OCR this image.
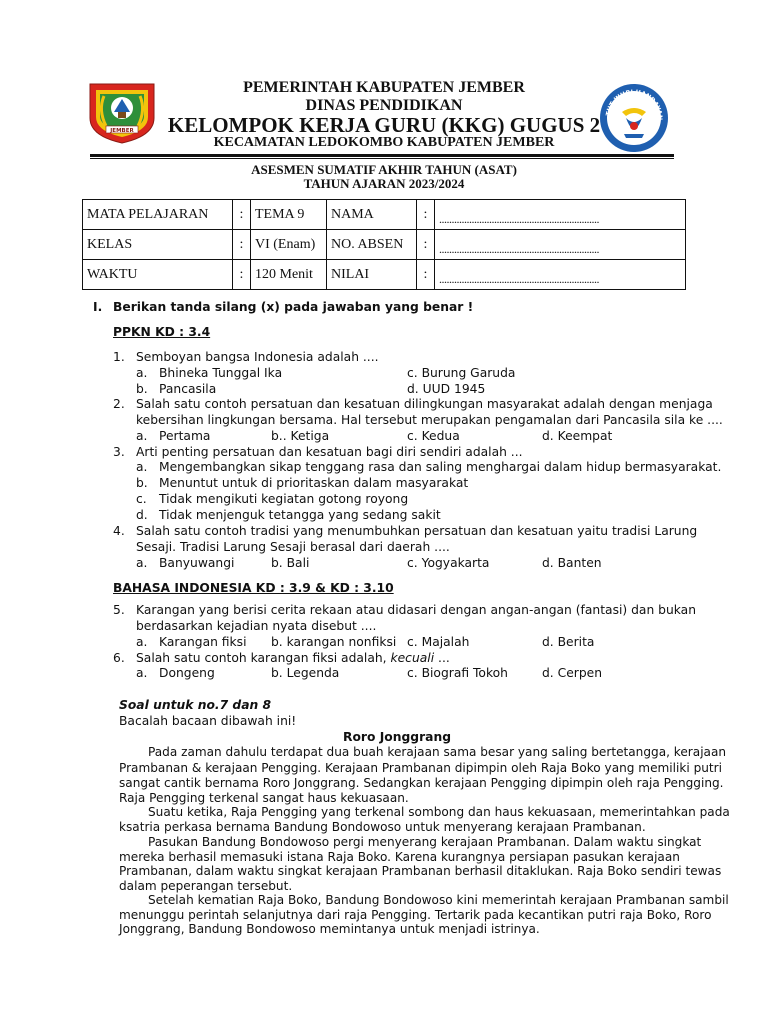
JEMBER
TUT WURI HANDAYAN
PEMERINTAH KABUPATEN JEMBER
DINAS PENDIDIKAN
KELOMPOK KERJA GURU (KKG) GUGUS 2
KECAMATAN LEDOKOMBO KABUPATEN JEMBER
ASESMEN SUMATIF AKHIR TAHUN (ASAT)
TAHUN AJARAN 2023/2024
MATA PELAJARAN	:	TEMA 9	NAMA	:	................................................................
KELAS	:	VI (Enam)	NO. ABSEN	:	................................................................
WAKTU	:	120 Menit	NILAI	:	................................................................
I. Berikan tanda silang (x) pada jawaban yang benar !
PPKN KD : 3.4
1. Semboyan bangsa Indonesia adalah ....
a. Bhineka Tunggal Ika	c. Burung Garuda
b. Pancasila	d. UUD 1945
2. Salah satu contoh persatuan dan kesatuan dilingkungan masyarakat adalah dengan menjaga
kebersihan lingkungan bersama. Hal tersebut merupakan pengamalan dari Pancasila sila ke ....
a. Pertama	b.. Ketiga	c. Kedua	d. Keempat
3. Arti penting persatuan dan kesatuan bagi diri sendiri adalah ...
a. Mengembangkan sikap tenggang rasa dan saling menghargai dalam hidup bermasyarakat.
b. Menuntut untuk di prioritaskan dalam masyarakat
c. Tidak mengikuti kegiatan gotong royong
d. Tidak menjenguk tetangga yang sedang sakit
4. Salah satu contoh tradisi yang menumbuhkan persatuan dan kesatuan yaitu tradisi Larung
Sesaji. Tradisi Larung Sesaji berasal dari daerah ....
a. Banyuwangi	b. Bali	c. Yogyakarta	d. Banten
BAHASA INDONESIA KD : 3.9 & KD : 3.10
5. Karangan yang berisi cerita rekaan atau didasari dengan angan-angan (fantasi) dan bukan
berdasarkan kejadian nyata disebut ....
a. Karangan fiksi b. karangan nonfiksi c. Majalah	d. Berita
6. Salah satu contoh karangan fiksi adalah, kecuali ...
a. Dongeng	b. Legenda	c. Biografi Tokoh	d. Cerpen
Soal untuk no.7 dan 8
Bacalah bacaan dibawah ini!
Roro Jonggrang
Pada zaman dahulu terdapat dua buah kerajaan sama besar yang saling bertetangga, kerajaan
Prambanan & kerajaan Pengging. Kerajaan Prambanan dipimpin oleh Raja Boko yang memiliki putri
sangat cantik bernama Roro Jonggrang. Sedangkan kerajaan Pengging dipimpin oleh raja Pengging.
Raja Pengging terkenal sangat haus kekuasaan.
Suatu ketika, Raja Pengging yang terkenal sombong dan haus kekuasaan, memerintahkan pada
ksatria perkasa bernama Bandung Bondowoso untuk menyerang kerajaan Prambanan.
Pasukan Bandung Bondowoso pergi menyerang kerajaan Prambanan. Dalam waktu singkat
mereka berhasil memasuki istana Raja Boko. Karena kurangnya persiapan pasukan kerajaan
Prambanan, dalam waktu singkat kerajaan Prambanan berhasil ditaklukan. Raja Boko sendiri tewas
dalam peperangan tersebut.
Setelah kematian Raja Boko, Bandung Bondowoso kini memerintah kerajaan Prambanan sambil
menunggu perintah selanjutnya dari raja Pengging. Tertarik pada kecantikan putri raja Boko, Roro
Jonggrang, Bandung Bondowoso memintanya untuk menjadi istrinya.
